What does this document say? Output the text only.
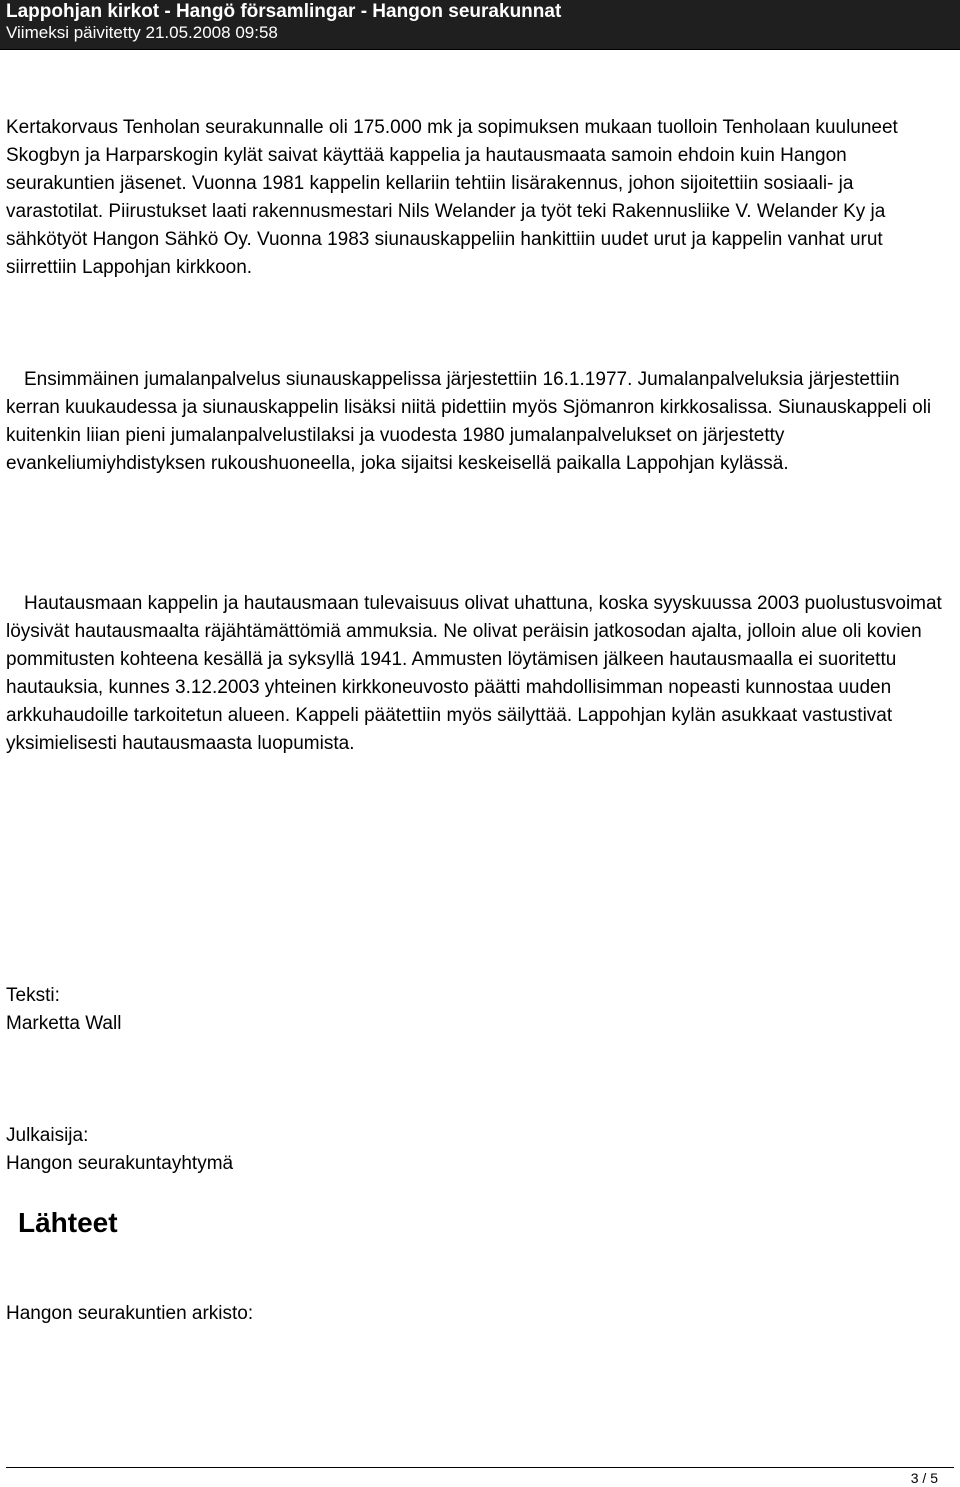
Lappohjan kirkot - Hangö församlingar - Hangon seurakunnat
Viimeksi päivitetty 21.05.2008 09:58

Kertakorvaus Tenholan seurakunnalle oli 175.000 mk ja sopimuksen mukaan tuolloin Tenholaan kuuluneet Skogbyn ja Harparskogin kylät saivat käyttää kappelia ja hautausmaata samoin ehdoin kuin Hangon seurakuntien jäsenet. Vuonna 1981 kappelin kellariin tehtiin lisärakennus, johon sijoitettiin sosiaali- ja varastotilat. Piirustukset laati rakennusmestari Nils Welander ja työt teki Rakennusliike V. Welander Ky ja sähkötyöt Hangon Sähkö Oy. Vuonna 1983 siunauskappeliin hankittiin uudet urut ja kappelin vanhat urut siirrettiin Lappohjan kirkkoon.

Ensimmäinen jumalanpalvelus siunauskappelissa järjestettiin 16.1.1977. Jumalanpalveluksia järjestettiin kerran kuukaudessa ja siunauskappelin lisäksi niitä pidettiin myös Sjömanron kirkkosalissa. Siunauskappeli oli kuitenkin liian pieni jumalanpalvelustilaksi ja vuodesta 1980 jumalanpalvelukset on järjestetty evankeliumiyhdistyksen rukoushuoneella, joka sijaitsi keskeisellä paikalla Lappohjan kylässä.

Hautausmaan kappelin ja hautausmaan tulevaisuus olivat uhattuna, koska syyskuussa 2003 puolustusvoimat löysivät hautausmaalta räjähtämättömiä ammuksia. Ne olivat peräisin jatkosodan ajalta, jolloin alue oli kovien pommitusten kohteena kesällä ja syksyllä 1941. Ammusten löytämisen jälkeen hautausmaalla ei suoritettu hautauksia, kunnes 3.12.2003 yhteinen kirkkoneuvosto päätti mahdollisimman nopeasti kunnostaa uuden arkkuhaudoille tarkoitetun alueen. Kappeli päätettiin myös säilyttää. Lappohjan kylän asukkaat vastustivat yksimielisesti hautausmaasta luopumista.

Teksti:

Marketta Wall

Julkaisija:

Hangon seurakuntayhtymä

Lähteet

Hangon seurakuntien arkisto:

3 / 5
